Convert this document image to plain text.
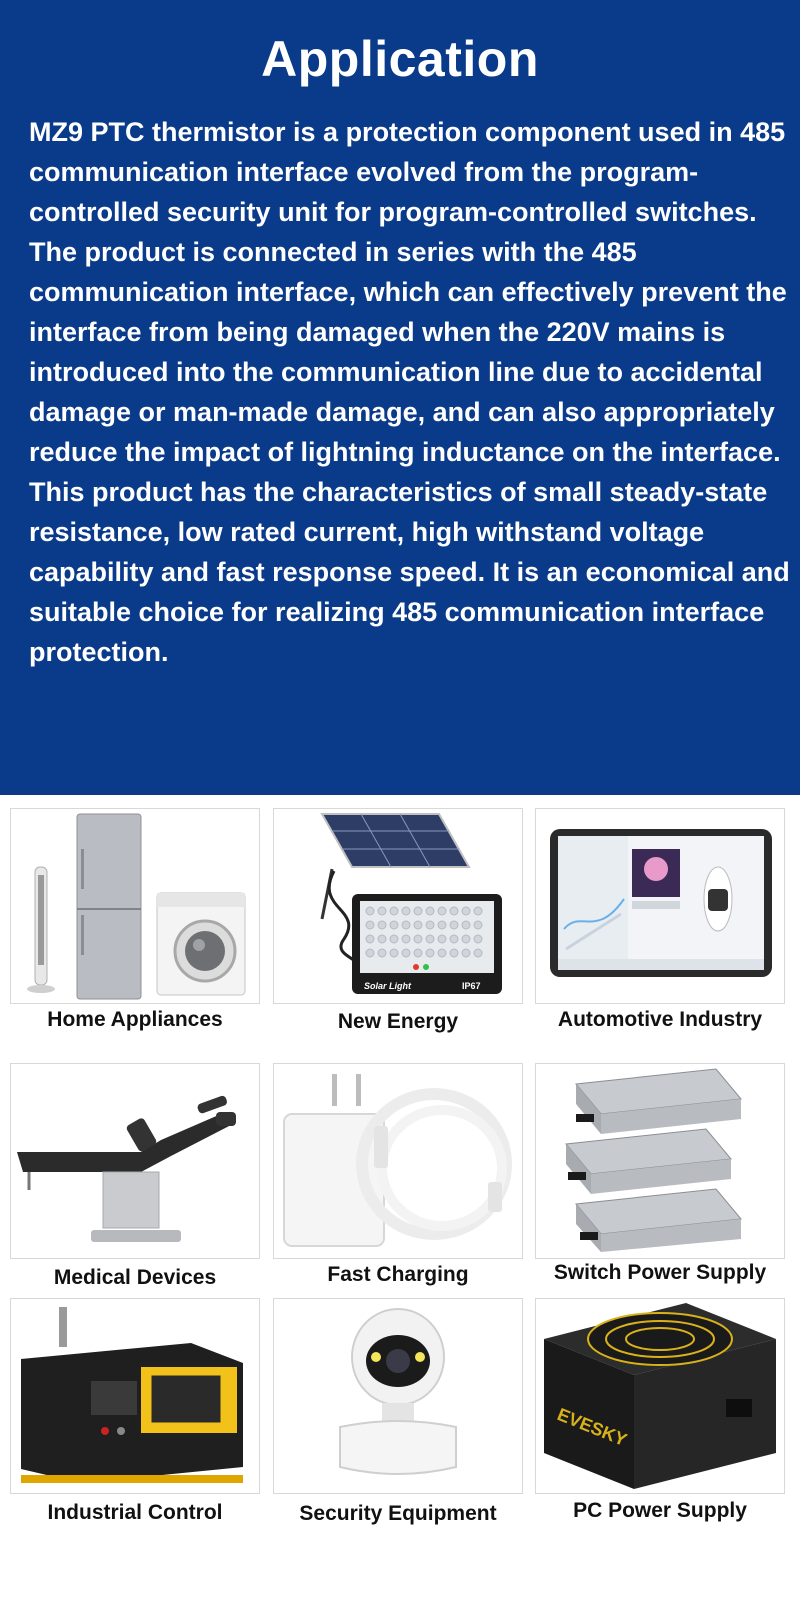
Application

MZ9 PTC thermistor is a protection component used in 485 communication interface evolved from the program-controlled security unit for program-controlled switches. The product is connected in series with the 485 communication interface, which can effectively prevent the interface from being damaged when the 220V mains is introduced into the communication line due to accidental damage or man-made damage, and can also appropriately reduce the impact of lightning inductance on the interface. This product has the characteristics of small steady-state resistance, low rated current, high withstand voltage capability and fast response speed. It is an economical and suitable choice for realizing 485 communication interface protection.

Home Appliances
Solar Light	IP67
New Energy	Automotive Industry
Medical Devices	Fast Charging	Switch Power Supply
Industrial Control	Security Equipment
EVESKY
PC Power Supply
